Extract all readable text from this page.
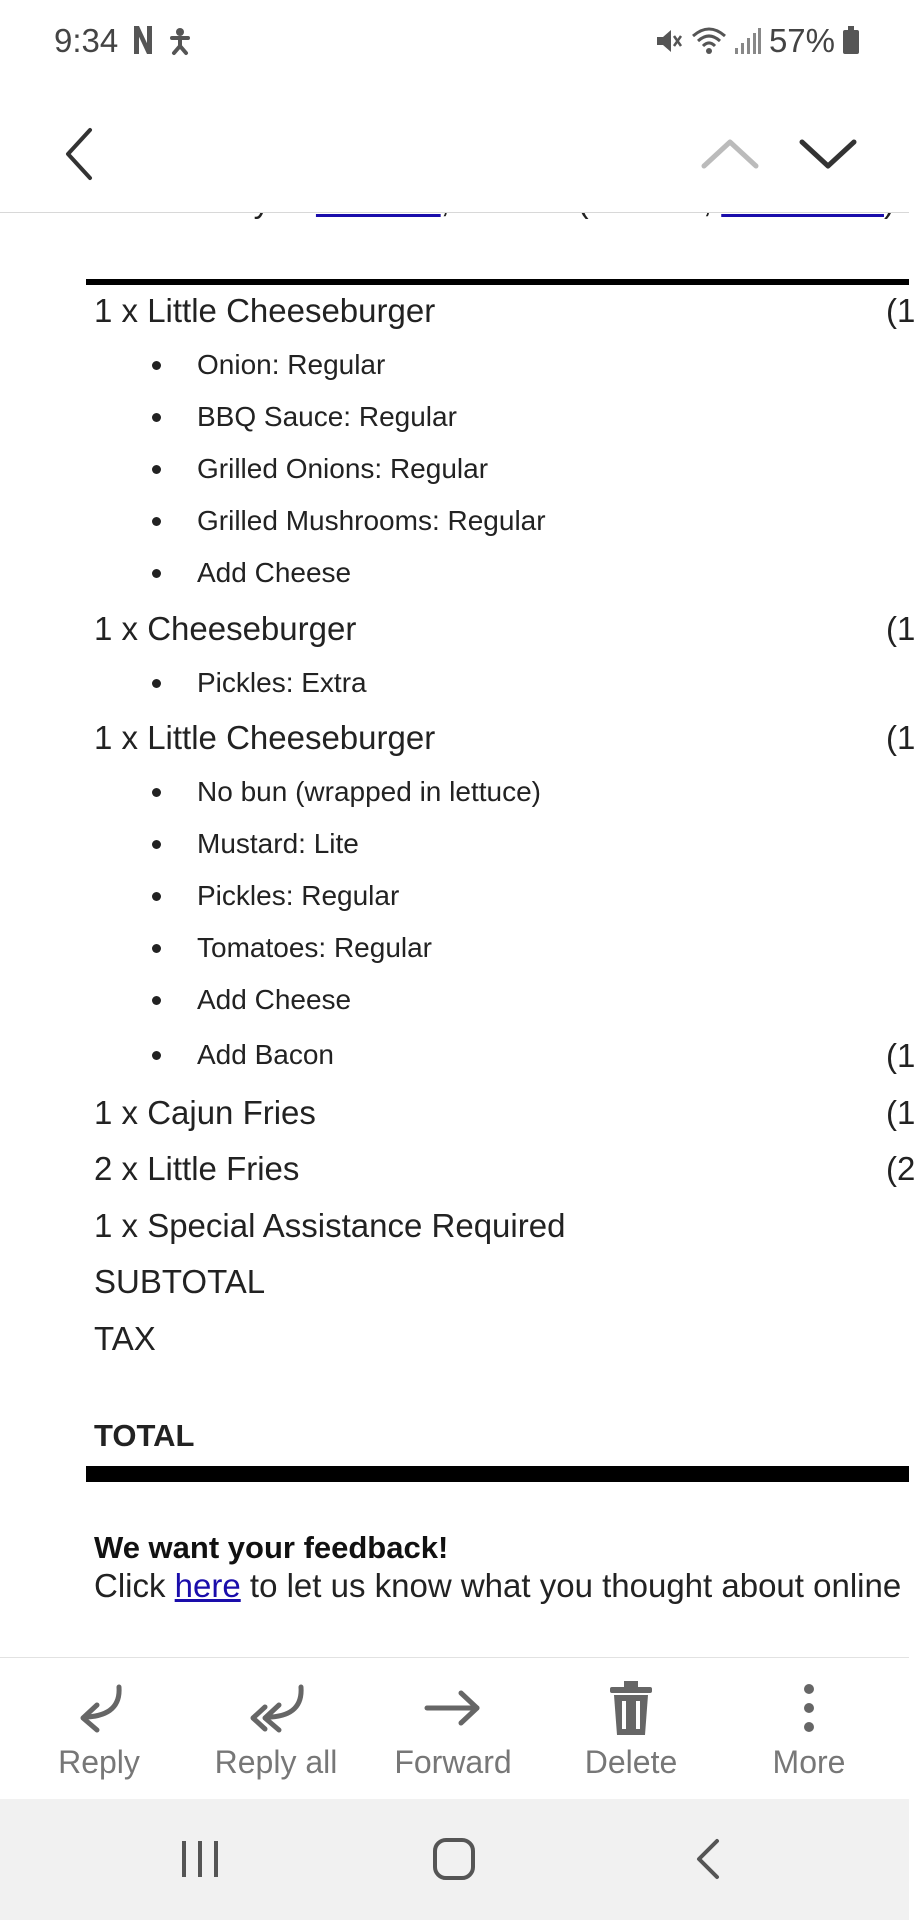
9:34	57%
1 x Little Cheeseburger	(1
Onion: Regular
BBQ Sauce: Regular
Grilled Onions: Regular
Grilled Mushrooms: Regular
Add Cheese
1 x Cheeseburger	(1
Pickles: Extra
1 x Little Cheeseburger	(1
No bun (wrapped in lettuce)
Mustard: Lite
Pickles: Regular
Tomatoes: Regular
Add Cheese
Add Bacon	(1
1 x Cajun Fries	(1
2 x Little Fries	(2
1 x Special Assistance Required
SUBTOTAL
TAX
TOTAL
We want your feedback!
Click here to let us know what you thought about online
Reply Reply all Forward Delete	More
